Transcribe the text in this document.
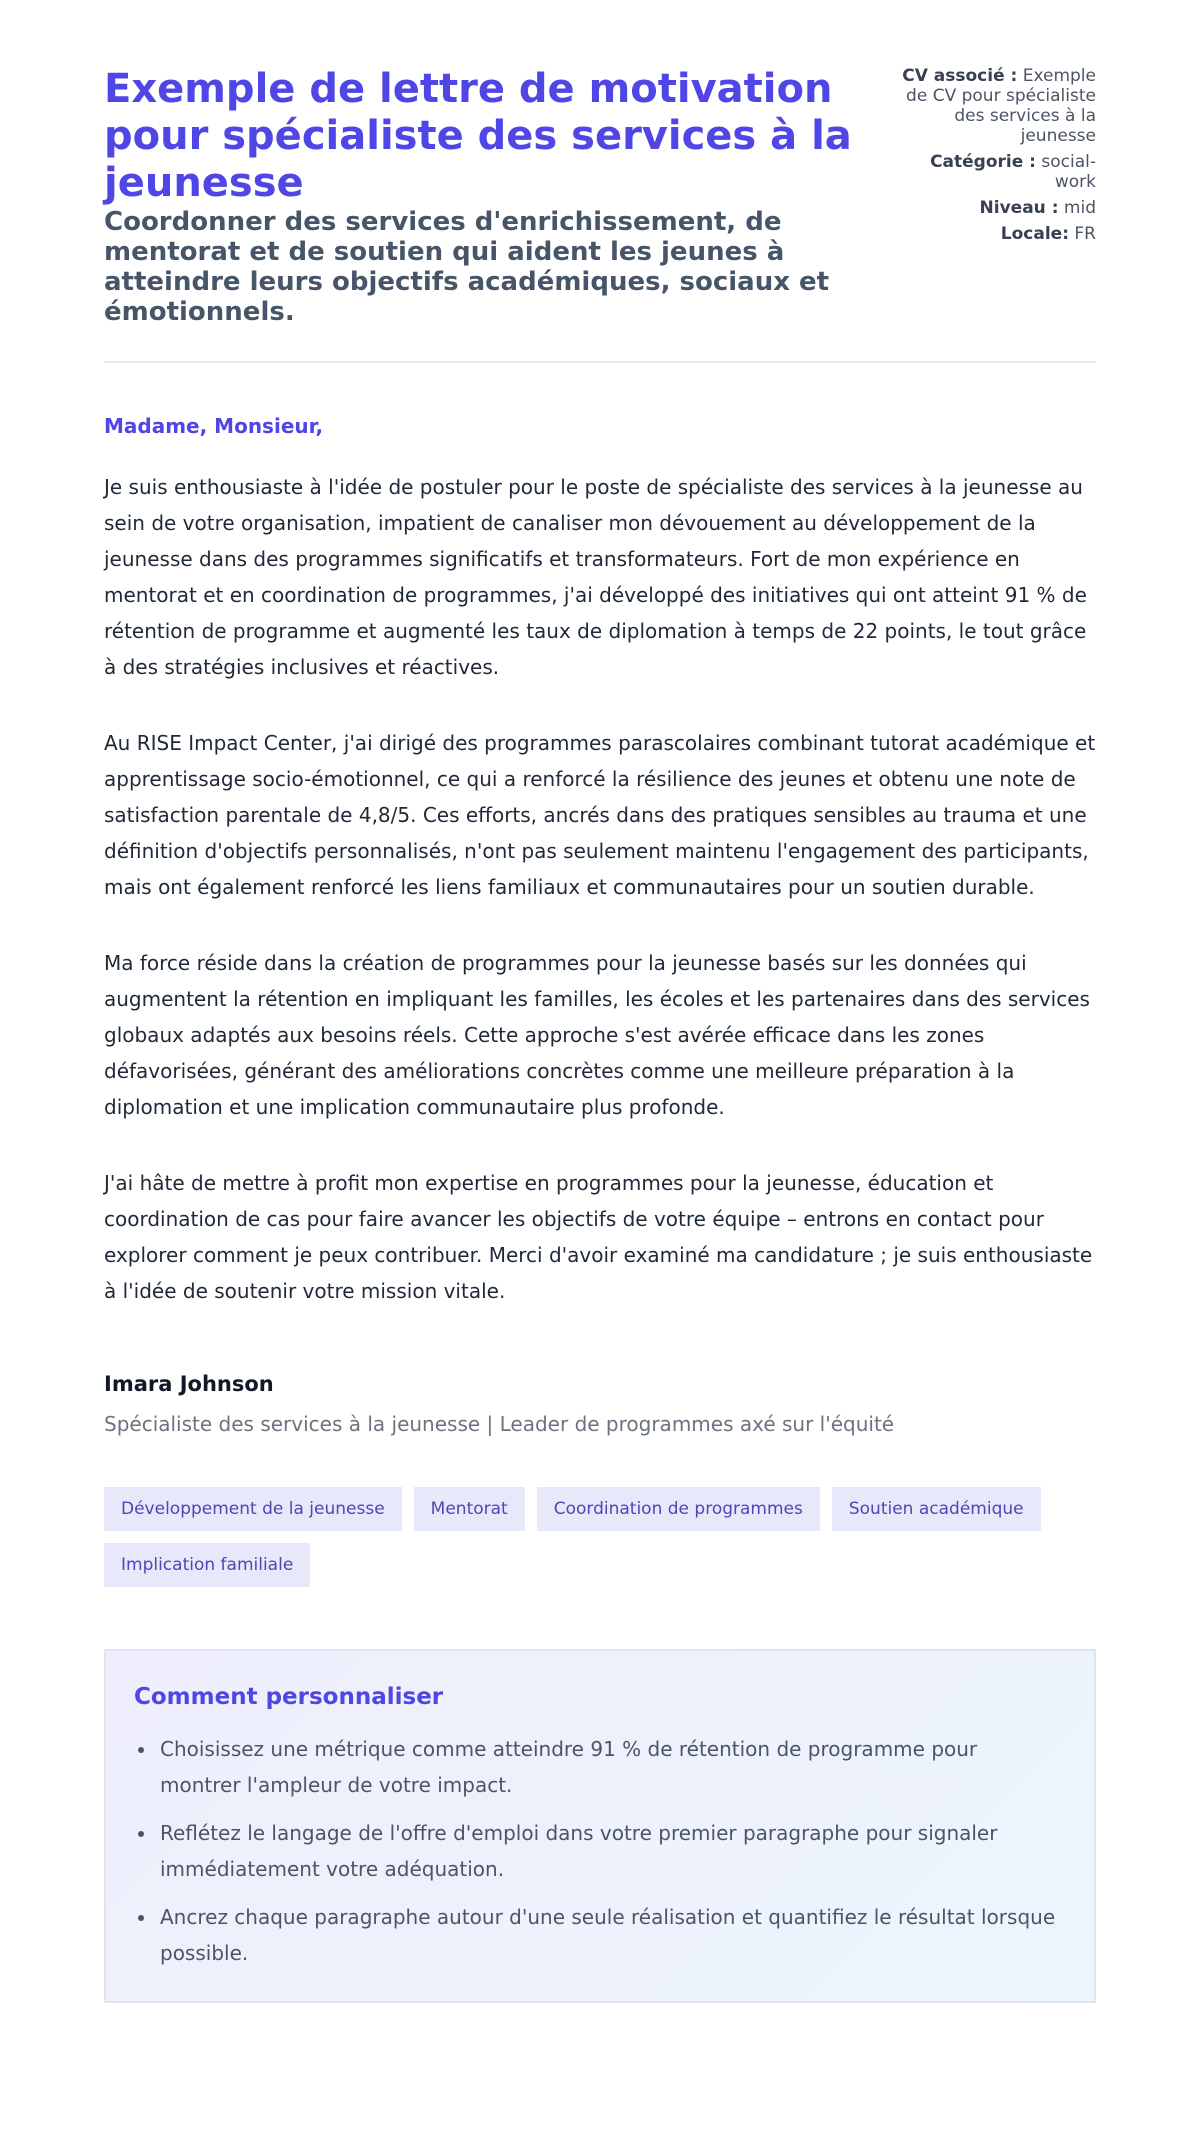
Exemple de lettre de motivation pour spécialiste des services à la jeunesse
Coordonner des services d'enrichissement, de mentorat et de soutien qui aident les jeunes à atteindre leurs objectifs académiques, sociaux et émotionnels.
CV associé : Exemple de CV pour spécialiste des services à la jeunesse
Catégorie : social-work
Niveau : mid
Locale: FR

Madame, Monsieur,

Je suis enthousiaste à l'idée de postuler pour le poste de spécialiste des services à la jeunesse au sein de votre organisation, impatient de canaliser mon dévouement au développement de la jeunesse dans des programmes significatifs et transformateurs. Fort de mon expérience en mentorat et en coordination de programmes, j'ai développé des initiatives qui ont atteint 91 % de rétention de programme et augmenté les taux de diplomation à temps de 22 points, le tout grâce à des stratégies inclusives et réactives.

Au RISE Impact Center, j'ai dirigé des programmes parascolaires combinant tutorat académique et apprentissage socio-émotionnel, ce qui a renforcé la résilience des jeunes et obtenu une note de satisfaction parentale de 4,8/5. Ces efforts, ancrés dans des pratiques sensibles au trauma et une définition d'objectifs personnalisés, n'ont pas seulement maintenu l'engagement des participants, mais ont également renforcé les liens familiaux et communautaires pour un soutien durable.

Ma force réside dans la création de programmes pour la jeunesse basés sur les données qui augmentent la rétention en impliquant les familles, les écoles et les partenaires dans des services globaux adaptés aux besoins réels. Cette approche s'est avérée efficace dans les zones défavorisées, générant des améliorations concrètes comme une meilleure préparation à la diplomation et une implication communautaire plus profonde.

J'ai hâte de mettre à profit mon expertise en programmes pour la jeunesse, éducation et coordination de cas pour faire avancer les objectifs de votre équipe – entrons en contact pour explorer comment je peux contribuer. Merci d'avoir examiné ma candidature ; je suis enthousiaste à l'idée de soutenir votre mission vitale.

Imara Johnson
Spécialiste des services à la jeunesse | Leader de programmes axé sur l'équité
Développement de la jeunesse	Mentorat	Coordination de programmes	Soutien académique
Implication familiale
Comment personnaliser
Choisissez une métrique comme atteindre 91 % de rétention de programme pour montrer l'ampleur de votre impact.
Reflétez le langage de l'offre d'emploi dans votre premier paragraphe pour signaler immédiatement votre adéquation.
Ancrez chaque paragraphe autour d'une seule réalisation et quantifiez le résultat lorsque possible.
